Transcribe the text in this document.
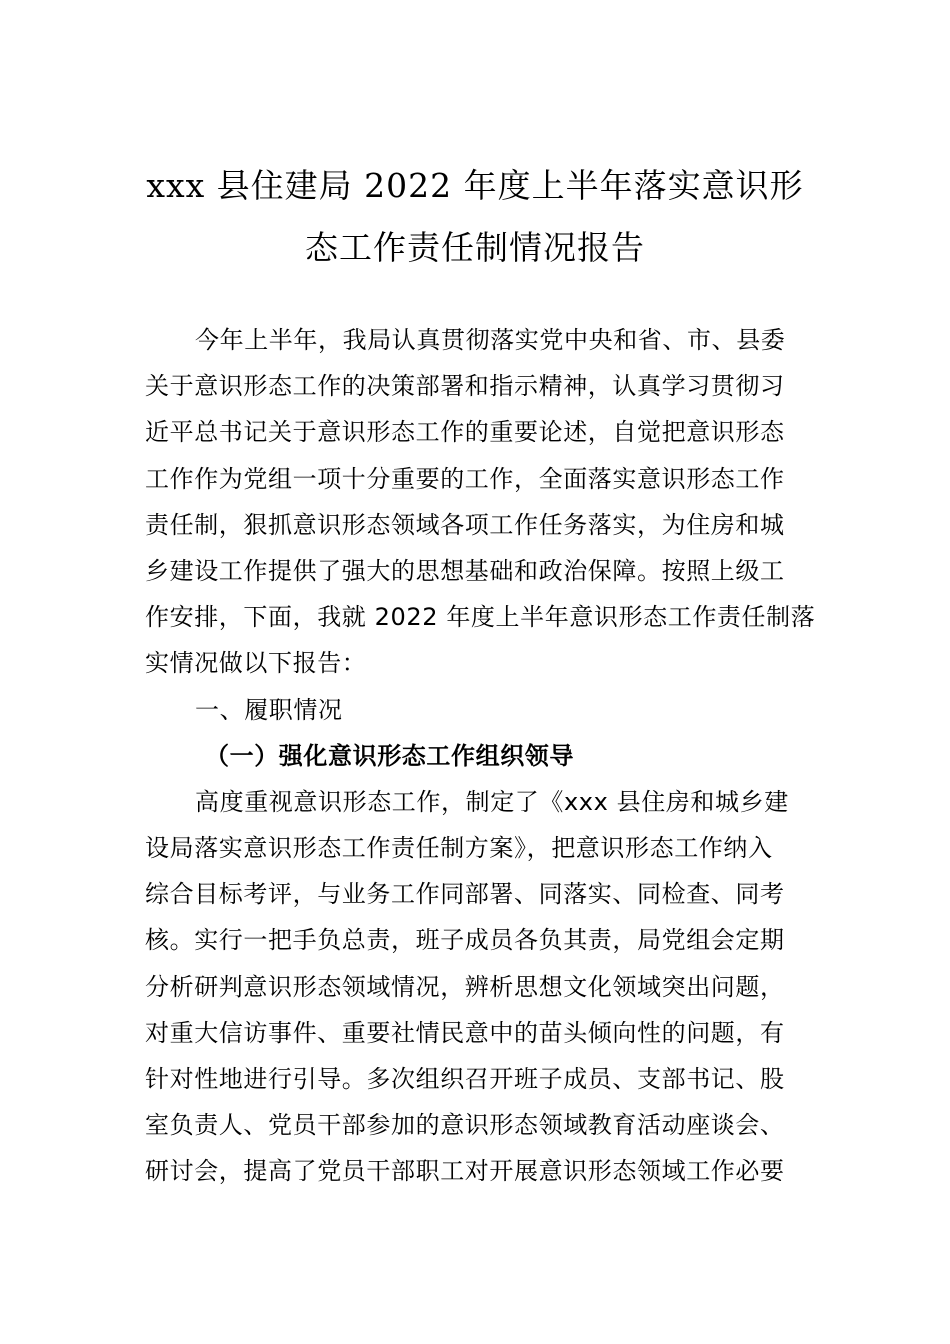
xxx 县住建局 2022 年度上半年落实意识形
态工作责任制情况报告
今年上半年，我局认真贯彻落实党中央和省、市、县委
关于意识形态工作的决策部署和指示精神，认真学习贯彻习
近平总书记关于意识形态工作的重要论述，自觉把意识形态
工作作为党组一项十分重要的工作，全面落实意识形态工作
责任制，狠抓意识形态领域各项工作任务落实，为住房和城
乡建设工作提供了强大的思想基础和政治保障。按照上级工
作安排，下面，我就 2022 年度上半年意识形态工作责任制落
实情况做以下报告：
一、履职情况
（一）强化意识形态工作组织领导
高度重视意识形态工作，制定了《xxx 县住房和城乡建
设局落实意识形态工作责任制方案》，把意识形态工作纳入
综合目标考评，与业务工作同部署、同落实、同检查、同考
核。实行一把手负总责，班子成员各负其责，局党组会定期
分析研判意识形态领域情况，辨析思想文化领域突出问题，
对重大信访事件、重要社情民意中的苗头倾向性的问题，有
针对性地进行引导。多次组织召开班子成员、支部书记、股
室负责人、党员干部参加的意识形态领域教育活动座谈会、
研讨会，提高了党员干部职工对开展意识形态领域工作必要
